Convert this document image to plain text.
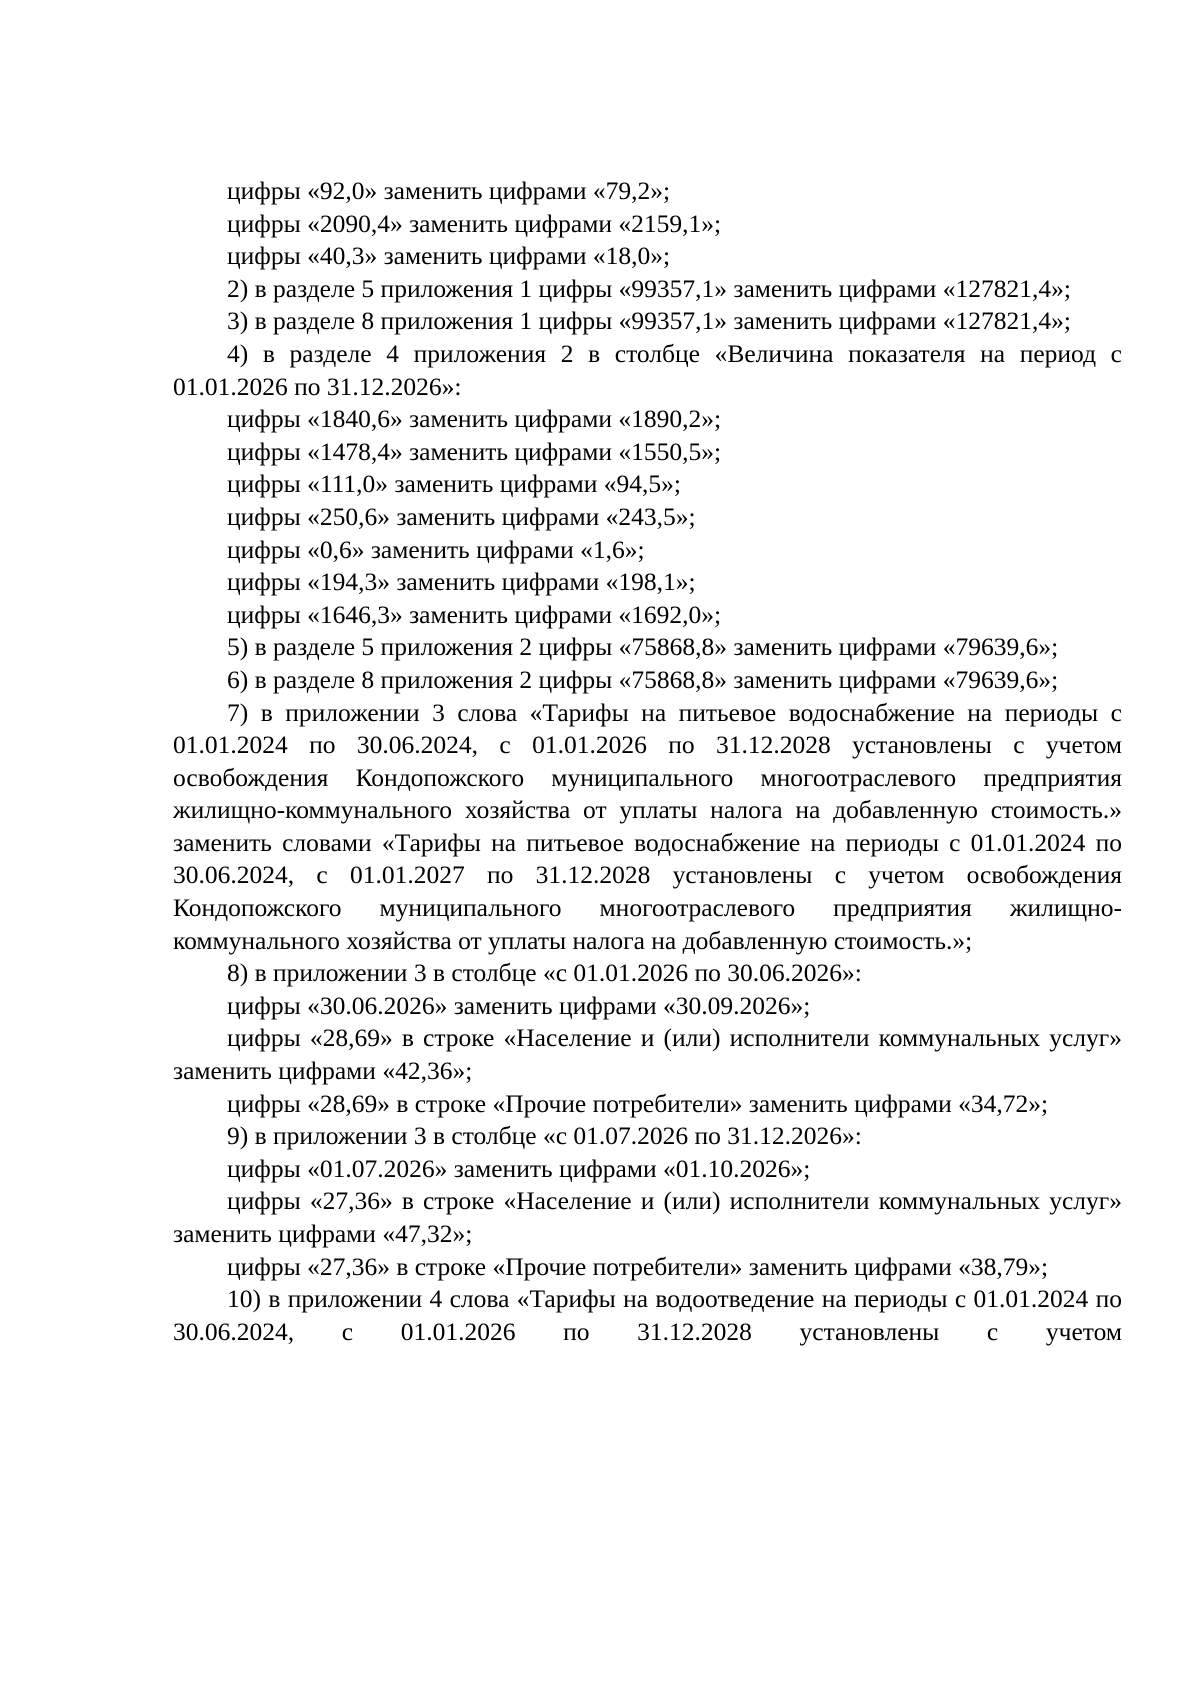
цифры «92,0» заменить цифрами «79,2»;

цифры «2090,4» заменить цифрами «2159,1»;

цифры «40,3» заменить цифрами «18,0»;

2) в разделе 5 приложения 1 цифры «99357,1» заменить цифрами «127821,4»;

3) в разделе 8 приложения 1 цифры «99357,1» заменить цифрами «127821,4»;

4) в разделе 4 приложения 2 в столбце «Величина показателя на период с 01.01.2026 по 31.12.2026»:

цифры «1840,6» заменить цифрами «1890,2»;

цифры «1478,4» заменить цифрами «1550,5»;

цифры «111,0» заменить цифрами «94,5»;

цифры «250,6» заменить цифрами «243,5»;

цифры «0,6» заменить цифрами «1,6»;

цифры «194,3» заменить цифрами «198,1»;

цифры «1646,3» заменить цифрами «1692,0»;

5) в разделе 5 приложения 2 цифры «75868,8» заменить цифрами «79639,6»;

6) в разделе 8 приложения 2 цифры «75868,8» заменить цифрами «79639,6»;

7) в приложении 3 слова «Тарифы на питьевое водоснабжение на периоды с 01.01.2024 по 30.06.2024, с 01.01.2026 по 31.12.2028 установлены с учетом освобождения Кондопожского муниципального многоотраслевого предприятия жилищно-коммунального хозяйства от уплаты налога на добавленную стоимость.» заменить словами «Тарифы на питьевое водоснабжение на периоды с 01.01.2024 по 30.06.2024, с 01.01.2027 по 31.12.2028 установлены с учетом освобождения Кондопожского муниципального многоотраслевого предприятия жилищно-коммунального хозяйства от уплаты налога на добавленную стоимость.»;

8) в приложении 3 в столбце «с 01.01.2026 по 30.06.2026»:

цифры «30.06.2026» заменить цифрами «30.09.2026»;

цифры «28,69» в строке «Население и (или) исполнители коммунальных услуг» заменить цифрами «42,36»;

цифры «28,69» в строке «Прочие потребители» заменить цифрами «34,72»;

9) в приложении 3 в столбце «с 01.07.2026 по 31.12.2026»:

цифры «01.07.2026» заменить цифрами «01.10.2026»;

цифры «27,36» в строке «Население и (или) исполнители коммунальных услуг» заменить цифрами «47,32»;

цифры «27,36» в строке «Прочие потребители» заменить цифрами «38,79»;

10) в приложении 4 слова «Тарифы на водоотведение на периоды с 01.01.2024 по 30.06.2024, с 01.01.2026 по 31.12.2028 установлены с учетом
